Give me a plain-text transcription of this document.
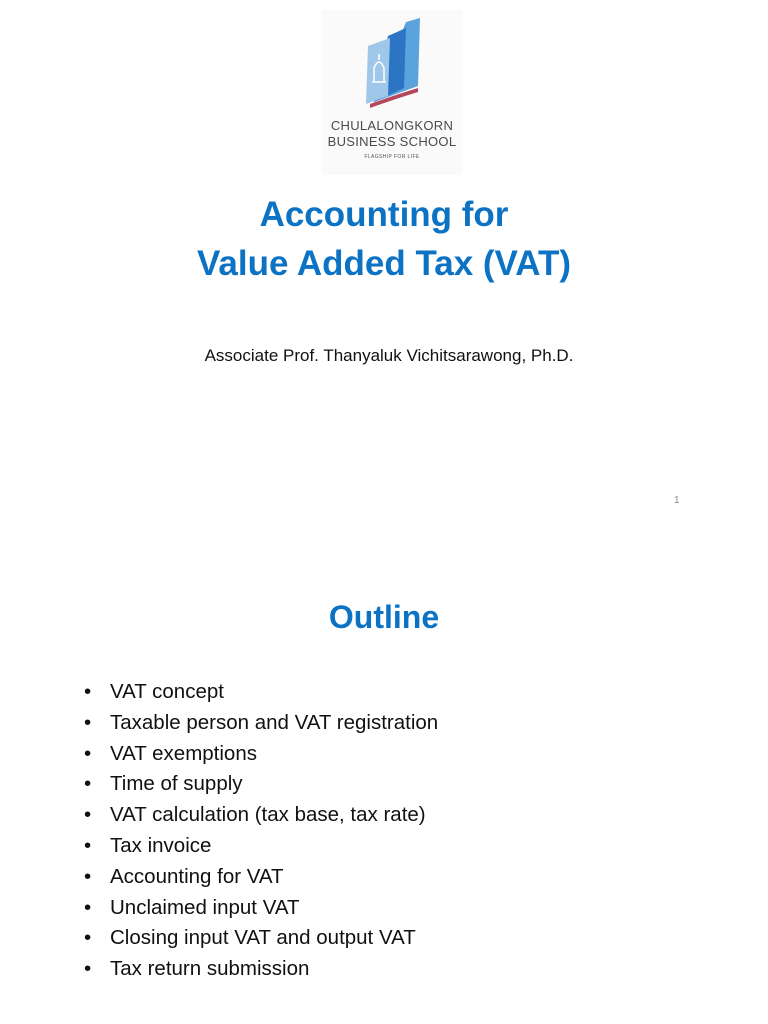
CHULALONGKORN
BUSINESS SCHOOL
FLAGSHIP FOR LIFE
Accounting for
Value Added Tax (VAT)
Associate Prof. Thanyaluk Vichitsarawong, Ph.D.
1
Outline
• VAT concept
• Taxable person and VAT registration
• VAT exemptions
• Time of supply
• VAT calculation (tax base, tax rate)
• Tax invoice
• Accounting for VAT
• Unclaimed input VAT
• Closing input VAT and output VAT
• Tax return submission
